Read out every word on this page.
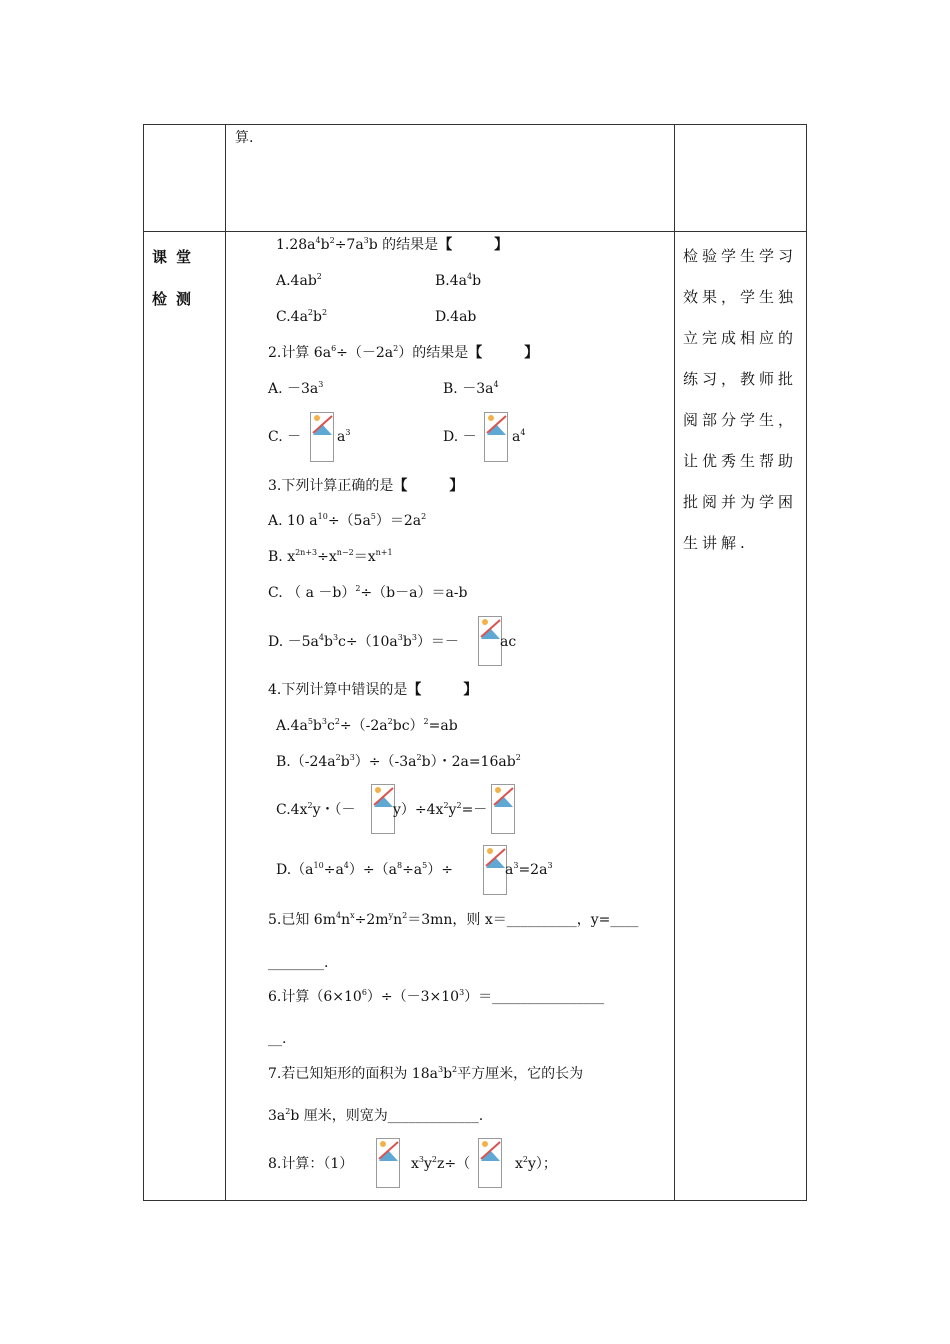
算.
课堂检测
检验学生学习效果，学生独立完成相应的练习，教师批阅部分学生，让优秀生帮助批阅并为学困生讲解.
$1.28a^4b^2\div 7a^3b$ 的结果是【　　　】
$A.4ab^2$	$B.4a^4b$
$C.4a^2b^2$	D.4ab
2.计算 $6a^6\div(-2a^2)$的结果是【　　　】
A. $-3a^3$	B. $-3a^4$
C. －	$a^3$	D. －	$a^4$
3.下列计算正确的是【　　　】
A. 10 $a^{10}\div(5a^5)=2a^2$
B. $x^{2n+3}\div x^{n-2}=x^{n+1}$
C. （ a －b）$^2$÷（b－a）＝a-b
D. $-5a^4b^3c\div(10a^3b^3)=-$	ac
4.下列计算中错误的是【　　　】
$A.4a^5b^3c^2\div(-2a^2bc)^2=ab$
$B.(-24a^2b^3)\div(-3a^2b)$・$2a=16ab^2$
$C.4x^2y$・（－	$y)\div 4x^2y^2=-$
$D.(a^{10}\div a^4)\div(a^8\div a^5)\div$	$a^3=2a^3$
5.已知 $6m^4n^x\div 2m^yn^2=3mn$，则 x＝__________，y=____
________.
6.计算$(6\times 10^6)\div(-3\times 10^3)=\_\_\_\_\_\_\_\_\_\_\_\_\_\_\_\_$
__.
7.若已知矩形的面积为 $18a^3b^2$平方厘米，它的长为
$3a^2b$ 厘米，则宽为_____________.
8.计算：（1）	$x^3y^2z\div$（	$x^2y$）；
